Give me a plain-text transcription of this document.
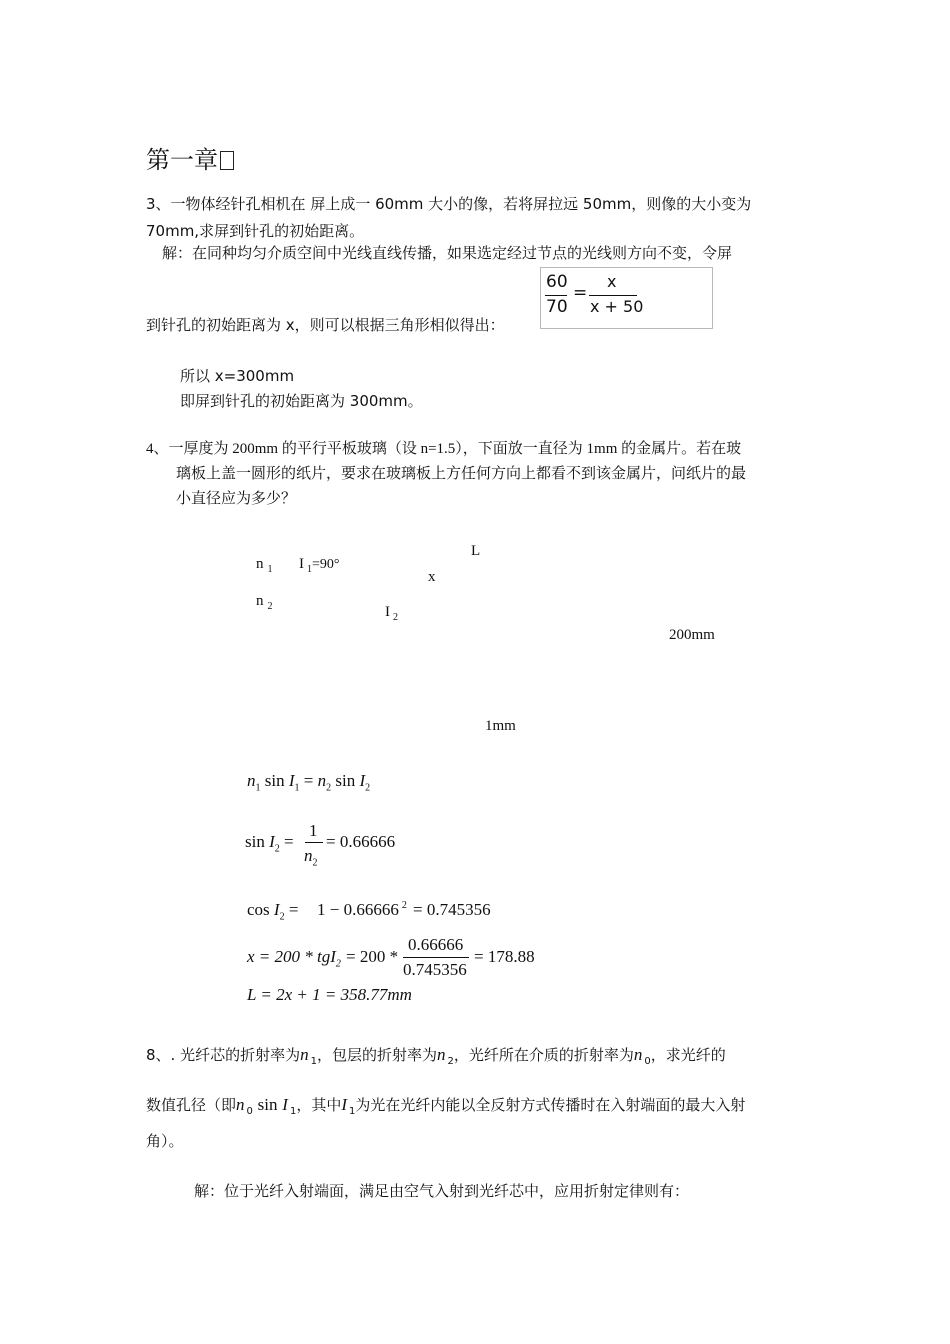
第一章
3、一物体经针孔相机在 屏上成一 60mm 大小的像，若将屏拉远 50mm，则像的大小变为
70mm,求屏到针孔的初始距离。
解：在同种均匀介质空间中光线直线传播，如果选定经过节点的光线则方向不变，令屏
到针孔的初始距离为 x，则可以根据三角形相似得出：
60
70
=
x
x + 50
所以 x=300mm
即屏到针孔的初始距离为 300mm。
4、一厚度为 200mm 的平行平板玻璃（设 n=1.5），下面放一直径为 1mm 的金属片。若在玻
璃板上盖一圆形的纸片，要求在玻璃板上方任何方向上都看不到该金属片，问纸片的最
小直径应为多少？
L
n $_1$ I $_1$=90°
x
n $_2$	I $_2$
200mm
1mm
$n_1$ $\sin I_1 = n_2$ $\sin I_2$
$\sin I_2$ =
1
$n_2$
= 0.66666
$\cos I_2 = 1 - 0.66666$ $^2$ = 0.745356
x = 200 * tgI$_2$ = 200 *
0.66666
0.745356
= 178.88
L = 2x + 1 = 358.77mm
8、. 光纤芯的折射率为n $_1$，包层的折射率为n $_2$，光纤所在介质的折射率为n $_0$，求光纤的
数值孔径（即n $_0$ sin I $_1$，其中I $_1$为光在光纤内能以全反射方式传播时在入射端面的最大入射
角）。
解：位于光纤入射端面，满足由空气入射到光纤芯中，应用折射定律则有：
